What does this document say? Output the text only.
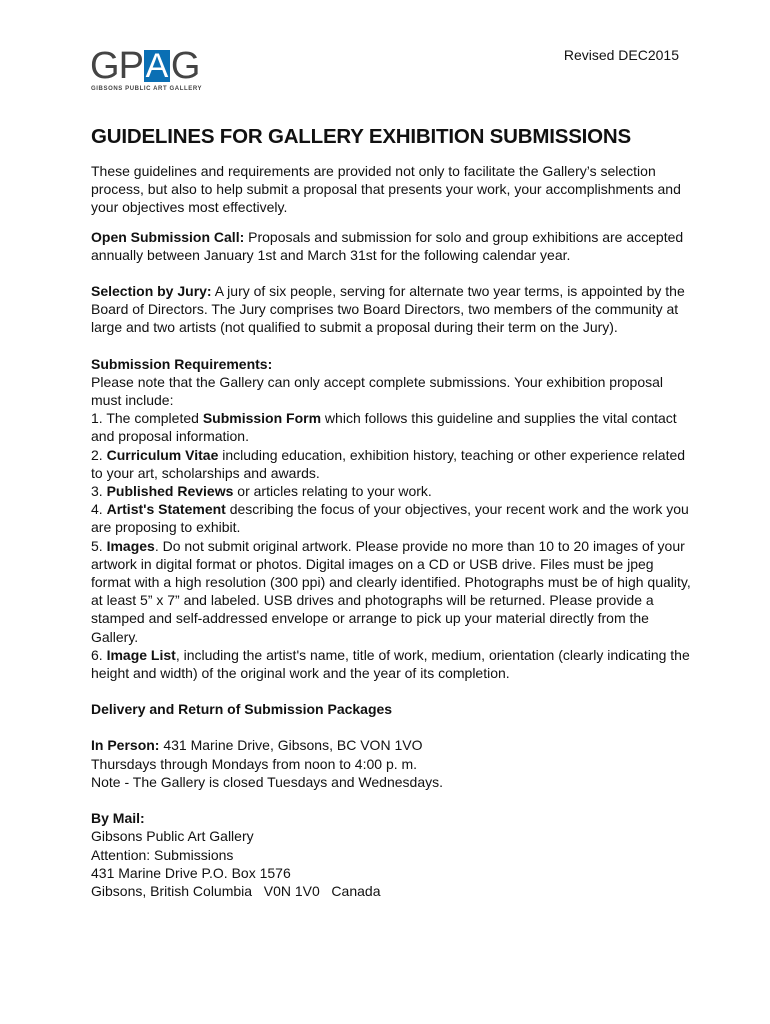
G P A G
GIBSONS PUBLIC ART GALLERY
Revised DEC2015
GUIDELINES FOR GALLERY EXHIBITION SUBMISSIONS

These guidelines and requirements are provided not only to facilitate the Gallery’s selection process, but also to help submit a proposal that presents your work, your accomplishments and your objectives most effectively.

Open Submission Call: Proposals and submission for solo and group exhibitions are accepted annually between January 1st and March 31st for the following calendar year.

Selection by Jury: A jury of six people, serving for alternate two year terms, is appointed by the Board of Directors. The Jury comprises two Board Directors, two members of the community at large and two artists (not qualified to submit a proposal during their term on the Jury).

Submission Requirements:

Please note that the Gallery can only accept complete submissions. Your exhibition proposal must include:

1. The completed Submission Form which follows this guideline and supplies the vital contact and proposal information.

2. Curriculum Vitae including education, exhibition history, teaching or other experience related to your art, scholarships and awards.

3. Published Reviews or articles relating to your work.

4. Artist's Statement describing the focus of your objectives, your recent work and the work you are proposing to exhibit.

5. Images. Do not submit original artwork. Please provide no more than 10 to 20 images of your artwork in digital format or photos. Digital images on a CD or USB drive. Files must be jpeg format with a high resolution (300 ppi) and clearly identified. Photographs must be of high quality, at least 5” x 7” and labeled. USB drives and photographs will be returned. Please provide a stamped and self-addressed envelope or arrange to pick up your material directly from the Gallery.

6. Image List, including the artist's name, title of work, medium, orientation (clearly indicating the height and width) of the original work and the year of its completion.

Delivery and Return of Submission Packages

In Person: 431 Marine Drive, Gibsons, BC VON 1VO

Thursdays through Mondays from noon to 4:00 p. m.

Note - The Gallery is closed Tuesdays and Wednesdays.

By Mail:

Gibsons Public Art Gallery

Attention: Submissions

431 Marine Drive P.O. Box 1576

Gibsons, British Columbia   V0N 1V0   Canada
